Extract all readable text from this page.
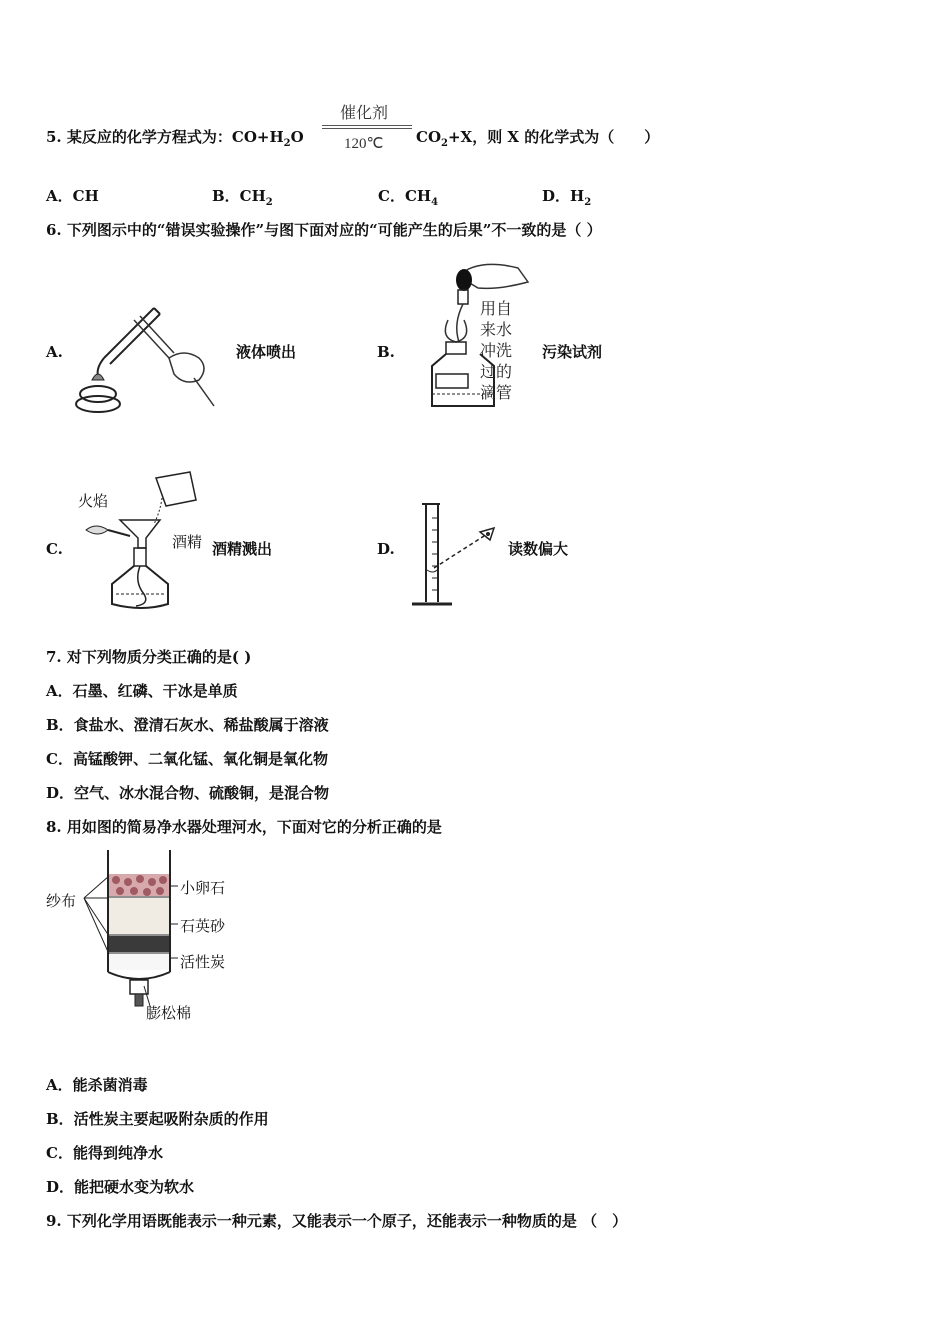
5. 某反应的化学方程式为：$CO+H_2O$
催化剂
120℃ $CO_2+X$，则 X 的化学式为（　　）
A．CH	B．$CH_2$	C．$CH_4$	D．$H_2$
6. 下列图示中的“错误实验操作”与图下面对应的“可能产生的后果”不一致的是（ ）
A.	液体喷出	B.
用自
来水
冲洗
过的
滴管
污染试剂
C.
火焰
酒精 酒精溅出	D.	读数偏大
7. 对下列物质分类正确的是( )
A．石墨、红磷、干冰是单质
B．食盐水、澄清石灰水、稀盐酸属于溶液
C．高锰酸钾、二氧化锰、氧化铜是氧化物
D．空气、冰水混合物、硫酸铜，是混合物
8. 用如图的简易净水器处理河水，下面对它的分析正确的是
纱布
小卵石
石英砂
活性炭
膨松棉
A．能杀菌消毒
B．活性炭主要起吸附杂质的作用
C．能得到纯净水
D．能把硬水变为软水
9. 下列化学用语既能表示一种元素，又能表示一个原子，还能表示一种物质的是 （　）
